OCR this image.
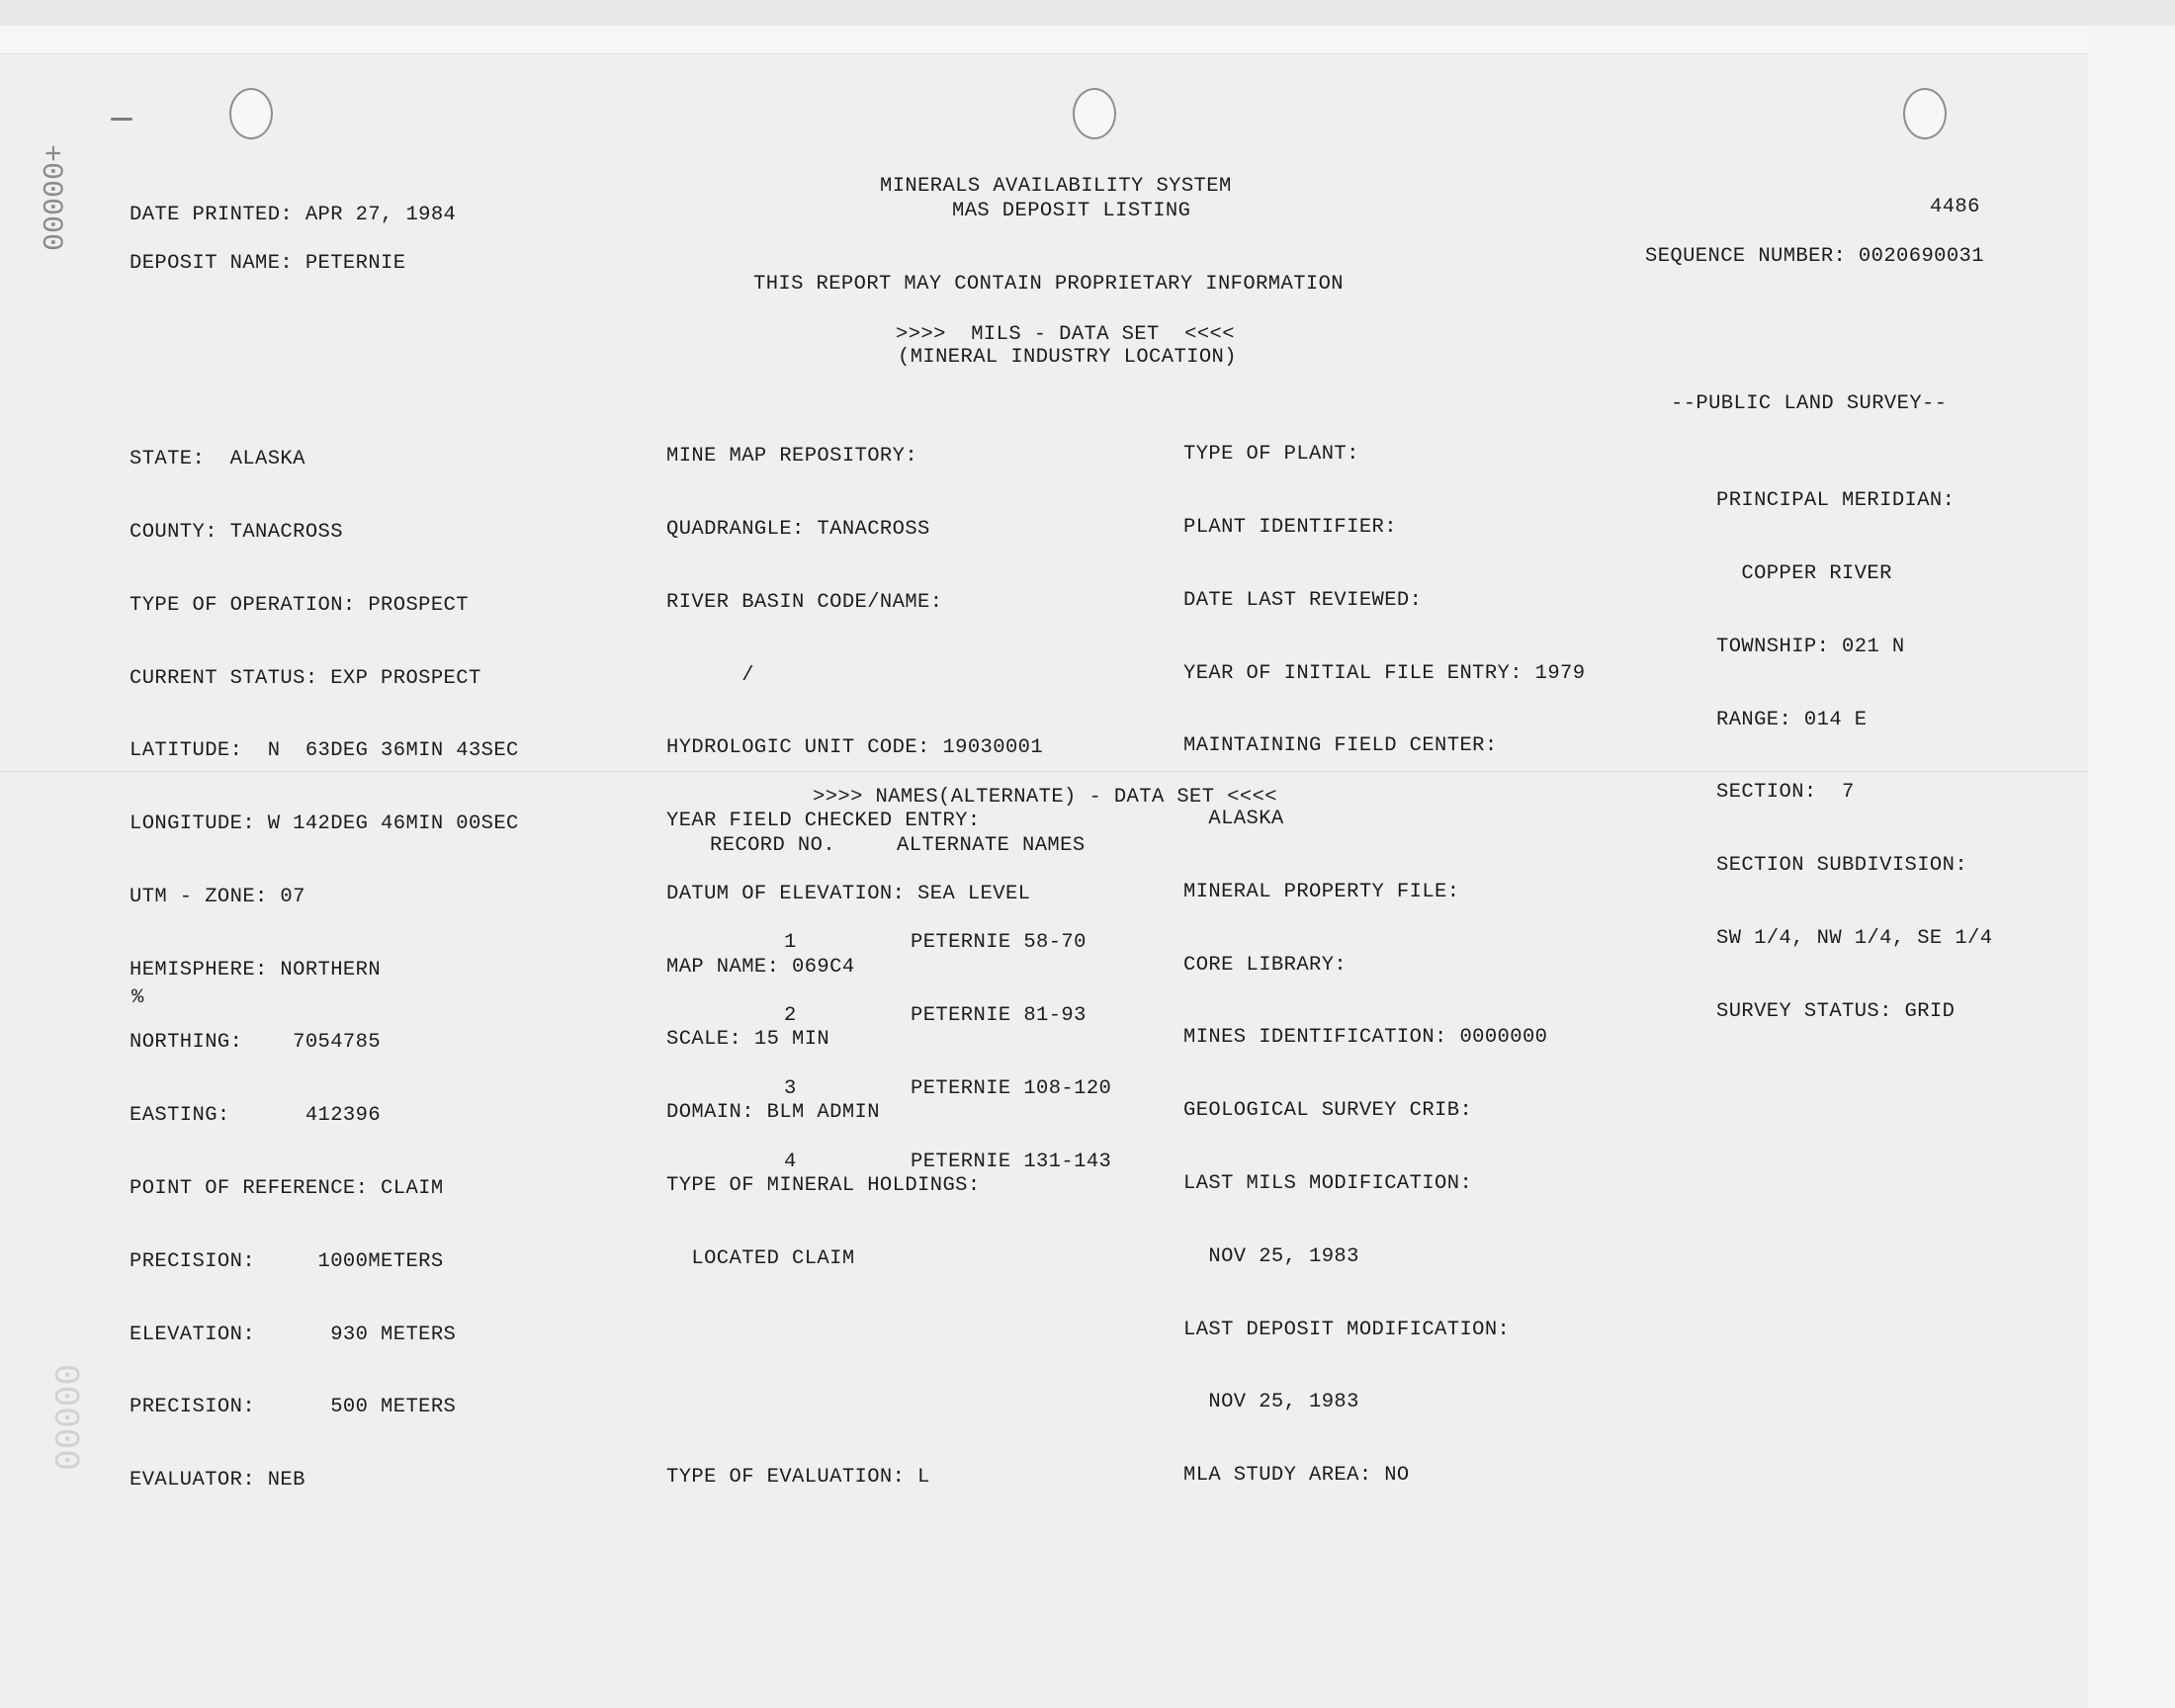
+00000
00000
DATE PRINTED: APR 27, 1984
DEPOSIT NAME: PETERNIE
MINERALS AVAILABILITY SYSTEM
MAS DEPOSIT LISTING	4486
SEQUENCE NUMBER: 0020690031
THIS REPORT MAY CONTAIN PROPRIETARY INFORMATION
>>>>  MILS - DATA SET  <<<<
(MINERAL INDUSTRY LOCATION)

STATE:  ALASKA

COUNTY: TANACROSS

TYPE OF OPERATION: PROSPECT

CURRENT STATUS: EXP PROSPECT

LATITUDE:  N  63DEG 36MIN 43SEC

LONGITUDE: W 142DEG 46MIN 00SEC

UTM - ZONE: 07

HEMISPHERE: NORTHERN

NORTHING:    7054785

EASTING:      412396

POINT OF REFERENCE: CLAIM

PRECISION:     1000METERS

ELEVATION:      930 METERS

PRECISION:      500 METERS

EVALUATOR: NEB

MINE MAP REPOSITORY:

QUADRANGLE: TANACROSS

RIVER BASIN CODE/NAME:

/

HYDROLOGIC UNIT CODE: 19030001

YEAR FIELD CHECKED ENTRY:

DATUM OF ELEVATION: SEA LEVEL

MAP NAME: 069C4

SCALE: 15 MIN

DOMAIN: BLM ADMIN

TYPE OF MINERAL HOLDINGS:

LOCATED CLAIM

TYPE OF EVALUATION: L

TYPE OF PLANT:

PLANT IDENTIFIER:

DATE LAST REVIEWED:

YEAR OF INITIAL FILE ENTRY: 1979

MAINTAINING FIELD CENTER:

ALASKA

MINERAL PROPERTY FILE:

CORE LIBRARY:

MINES IDENTIFICATION: 0000000

GEOLOGICAL SURVEY CRIB:

LAST MILS MODIFICATION:

NOV 25, 1983

LAST DEPOSIT MODIFICATION:

NOV 25, 1983

MLA STUDY AREA: NO

--PUBLIC LAND SURVEY--

PRINCIPAL MERIDIAN:

COPPER RIVER

TOWNSHIP: 021 N

RANGE: 014 E

SECTION:  7

SECTION SUBDIVISION:

SW 1/4, NW 1/4, SE 1/4

SURVEY STATUS: GRID

>>>> NAMES(ALTERNATE) - DATA SET <<<<
RECORD NO.	ALTERNATE NAMES

1

2

3

4

PETERNIE 58-70

PETERNIE 81-93

PETERNIE 108-120

PETERNIE 131-143

%
